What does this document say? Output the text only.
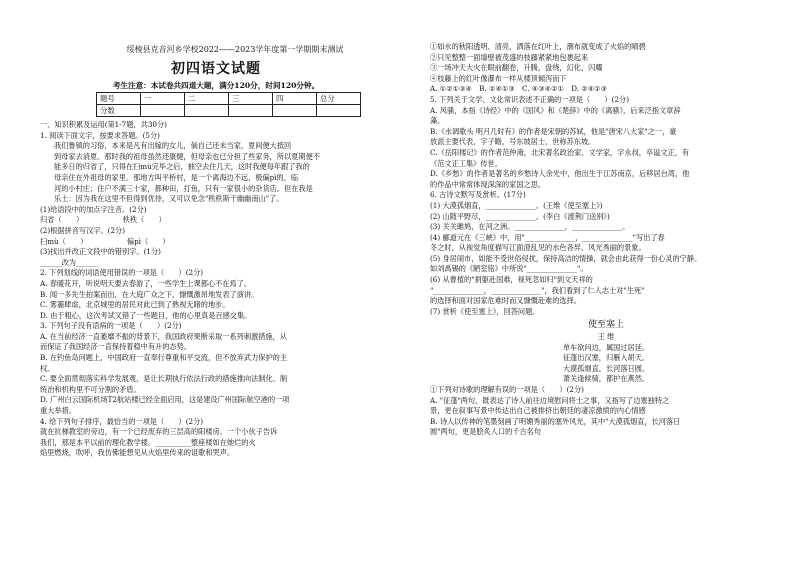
绥棱县克音河乡学校2022——2023学年度第一学期期末测试
初四语文试题
考生注意：本试卷共四道大题，满分120分，时间120分钟。
题号	一	二	三	四	总分
分数					
一、知识积累及运用(第1-7题，共30分)
1. 阅读下面文字，按要求答题。(5分)
我们鲁镇的习俗，本来是凡有出嫁的女儿，倘自己还未当家，夏间便大抵回
到母家去消夏。那时我的祖母虽然还康健，但母亲也已分担了些家务，所以夏期便不
能多日的归省了，只得在扫mù完毕之后，抽空去住几天，这时我便每年跟了我的
母亲住在外祖母的家里。那地方叫平桥村，是一个离海边不远，极偏pì的，临
河的小村庄；住户不满三十家，都种田，打鱼，只有一家很小的杂货店。但在我是
乐土：因为我在这里不但得到优待，又可以免念"秩秩斯干幽幽南山"了。
(1)给语段中的加点字注音。(2分)
归省（　　）　　　　　　秩秩（　　）
(2)根据拼音写汉字。(2分)
扫mù（　　）　　　　　　偏pì（　　）
(3)找出并改正文段中的错别字。(1分)
______改为______
2. 下列划线的词语使用错误的一项是（　　）(2分)
A. 春暖花开，听说明天要去春游了，一些学生上课都心不在焉了。
B. 闻一多先生拍案而出，在大庭广众之下，慷慨激昂地发表了演讲。
C. 雾霾肆虐，北京城里的居民对此已到了熟视无睹的地步。
D. 由于粗心，这次考试又错了一些题目，他的心里真是百感交集。
3. 下列句子没有语病的一项是（　　）(2分)
A. 在当前经济一直萎靡不振的背景下，我国政府果断采取一系列刺激措施，从
而保证了我国经济一直保持着稳中有升的态势。
B. 在钓鱼岛问题上，中国政府一直奉行尊重和平交流，但不放弃武力保护的主
权。
C. 要全面贯彻落实科学发展观，是让长期执行依法行政的措施推向法制化、制
统治和机构里不可分割的矛盾。
D. 广州白云国际机场T2航站楼已经全面启用，这是建设广州国际航空港的一项
重大举措。
4. 给下列句子排序，最恰当的一项是（　　）(2分)
就在抗梯教室的旁边，有一个已经废弃的三层高的阳楼房。一个小伙子告诉
我们，那是本平以前的理化教学楼。__________整座楼如在她烂的火
焰里燃烧，吹呼，我仿佛能想见从火焰里传来的诅歌和哭声。
①如水的秋阳透明、清亮，洒落在红叶上，潮布就变成了火焰的晴碧
②只见整整一面墙壁被茂盛的枝藤紧紧地包裹起来
③一场冲天大火在眼前翻卷，升腾，盘绕，幻化，闪耀
④枝藤上的红叶像瀑布一样从楼顶倾泻而下
A. ①②①③④　B. ②④①③　C. ④③④②①　D. ②④①③
5. 下列关于文学、文化常识表述不正确的一项是（　　）(2分)
A. 风骚，本指《诗经》中的《国风》和《楚辞》中的《离骚》，后来泛指文章辞
藻。
B.《水调歌头 明月几时有》的作者是宋朝的苏轼，他是"唐宋八大家"之一，豪
放派主要代表，字子瞻，号东坡居士，世称苏东坡。
C.《岳阳楼记》的作者范仲淹，北宋著名政治家、文学家，字永叔，卒谥文正，有
《范文正工集》传世。
D.《乡愁》的作者是著名的乡愁诗人余光中，他出生于江苏南京，后移居台湾，他
的作品中常常体现深深的家国之思。
6. 古诗文默写及赏析。(17分)
(1) 大漠孤烟直，______________。(王维《使至塞上》)
(2) 山随平野尽，______________。(李白《渡荆门送别》)
(3) 关关雎鸠，在河之洲。______________，______________。
(4) 郦道元在《三峡》中，用"______________，______________"写出了春
冬之时，从视觉角度描写江面澄乱见的水色各异、风光秀丽的景象。
(5) 身居闹市，如能不受世俗侵扰，保持高洁的情操，就会由此获得一份心灵的宁静。
如刘禹锡的《陋室铭》中所说"______________"。
(6) 从曹植的"捐躯赴国难，视死忽如归"到文天祥的
"______________，______________"，我们看到了仁人志士对"生死"
的选择和面对国家危难时而又慷慨赴难的选择。
(7) 赏析《使至塞上》，回答问题。
使至塞上
王 维
单车欲问边，属国过居延。
征蓬出汉塞，归雁入胡天。
大漠孤烟直，长河落日圆。
萧关逢候骑，都护在燕然。
①下列对诗歌的理解有误的一项是（　　）(2分)
A. "征蓬"两句，既表达了诗人前往边境慰问将士之事，又指写了边塞独特之
景，更在叙事写景中传达出自己被排挤出朝廷的凄凉激愤的内心情感
B. 诗人以传神的笔墨刻画了明媚秀丽的塞外风光，其中"大漠孤烟直，长河落日
圆"两句，更是脍炙人口的千古名句
